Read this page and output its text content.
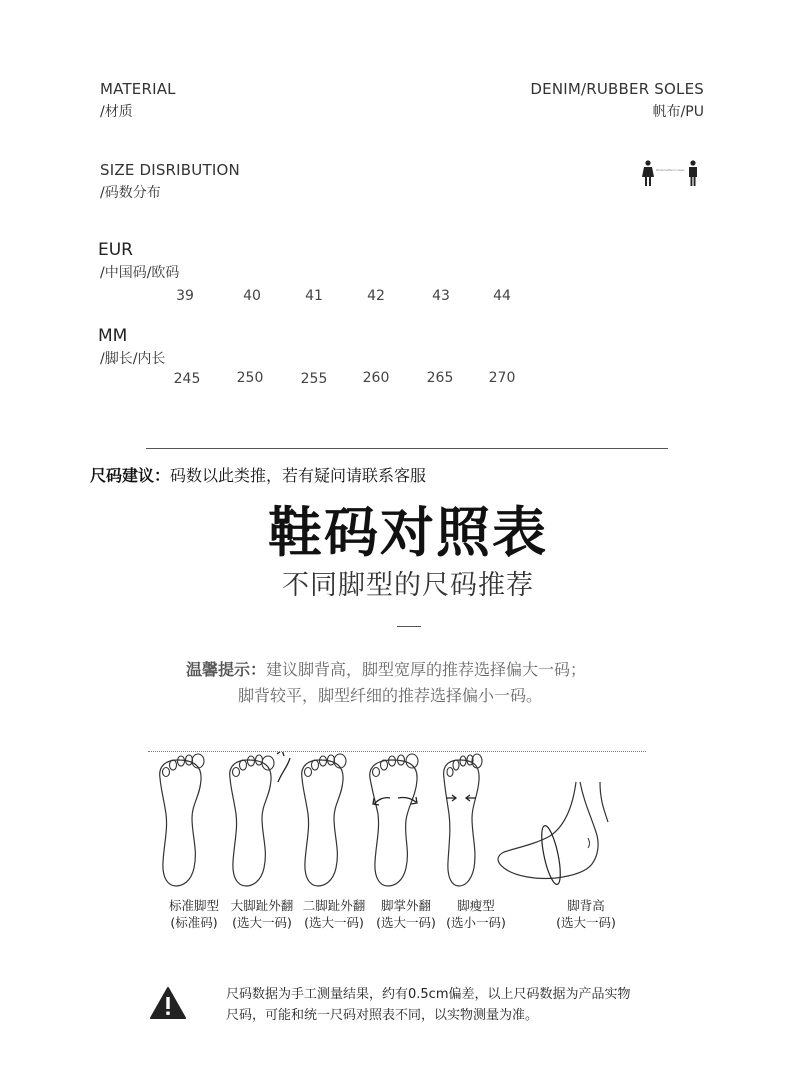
MATERIAL
/材质
DENIM/RUBBER SOLES
帆布/PU
SIZE DISRIBUTION
/码数分布
Women's/Men's unisex
EUR
/中国码/欧码
39	40	41	42	43	44
MM
/脚长/内长
245	250	255	260	265	270
尺码建议：码数以此类推，若有疑问请联系客服
鞋码对照表
不同脚型的尺码推荐
温馨提示：建议脚背高，脚型宽厚的推荐选择偏大一码；
脚背较平，脚型纤细的推荐选择偏小一码。
标准脚型
(标准码)
大脚趾外翻
(选大一码)
二脚趾外翻
(选大一码)
脚掌外翻
(选大一码)
脚瘦型
(选小一码)
脚背高
(选大一码)
尺码数据为手工测量结果，约有0.5cm偏差，以上尺码数据为产品实物
尺码，可能和统一尺码对照表不同，以实物测量为准。
